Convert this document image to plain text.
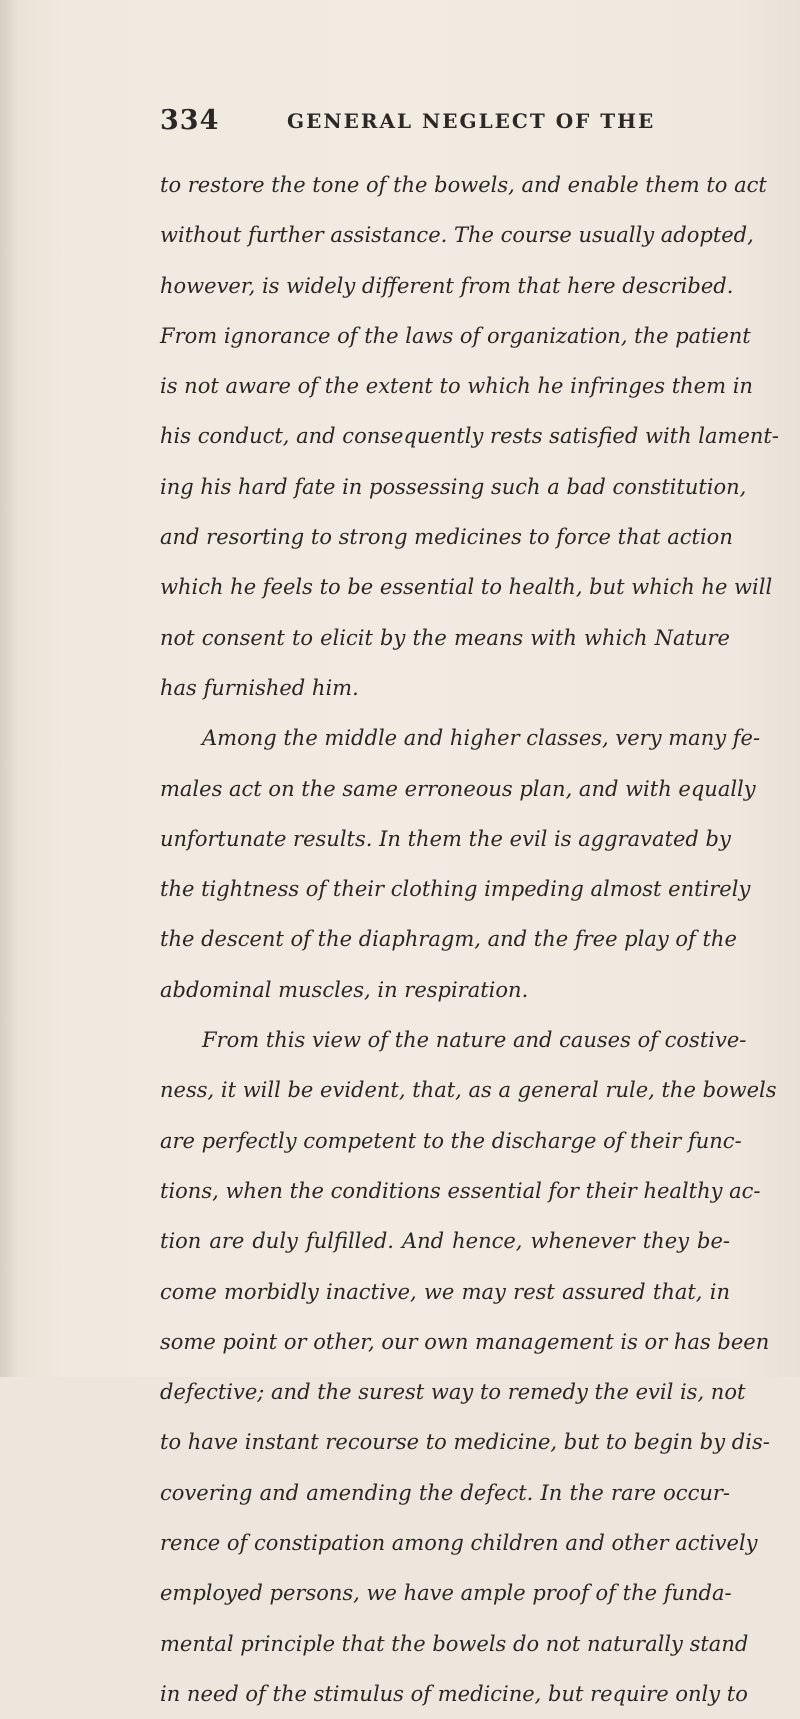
334	GENERAL NEGLECT OF THE
to restore the tone of the bowels, and enable them to act
without further assistance. The course usually adopted,
however, is widely different from that here described.
From ignorance of the laws of organization, the patient
is not aware of the extent to which he infringes them in
his conduct, and consequently rests satisfied with lament-
ing his hard fate in possessing such a bad constitution,
and resorting to strong medicines to force that action
which he feels to be essential to health, but which he will
not consent to elicit by the means with which Nature
has furnished him.
Among the middle and higher classes, very many fe-
males act on the same erroneous plan, and with equally
unfortunate results. In them the evil is aggravated by
the tightness of their clothing impeding almost entirely
the descent of the diaphragm, and the free play of the
abdominal muscles, in respiration.
From this view of the nature and causes of costive-
ness, it will be evident, that, as a general rule, the bowels
are perfectly competent to the discharge of their func-
tions, when the conditions essential for their healthy ac-
tion are duly fulfilled. And hence, whenever they be-
come morbidly inactive, we may rest assured that, in
some point or other, our own management is or has been
defective; and the surest way to remedy the evil is, not
to have instant recourse to medicine, but to begin by dis-
covering and amending the defect. In the rare occur-
rence of constipation among children and other actively
employed persons, we have ample proof of the funda-
mental principle that the bowels do not naturally stand
in need of the stimulus of medicine, but require only to
